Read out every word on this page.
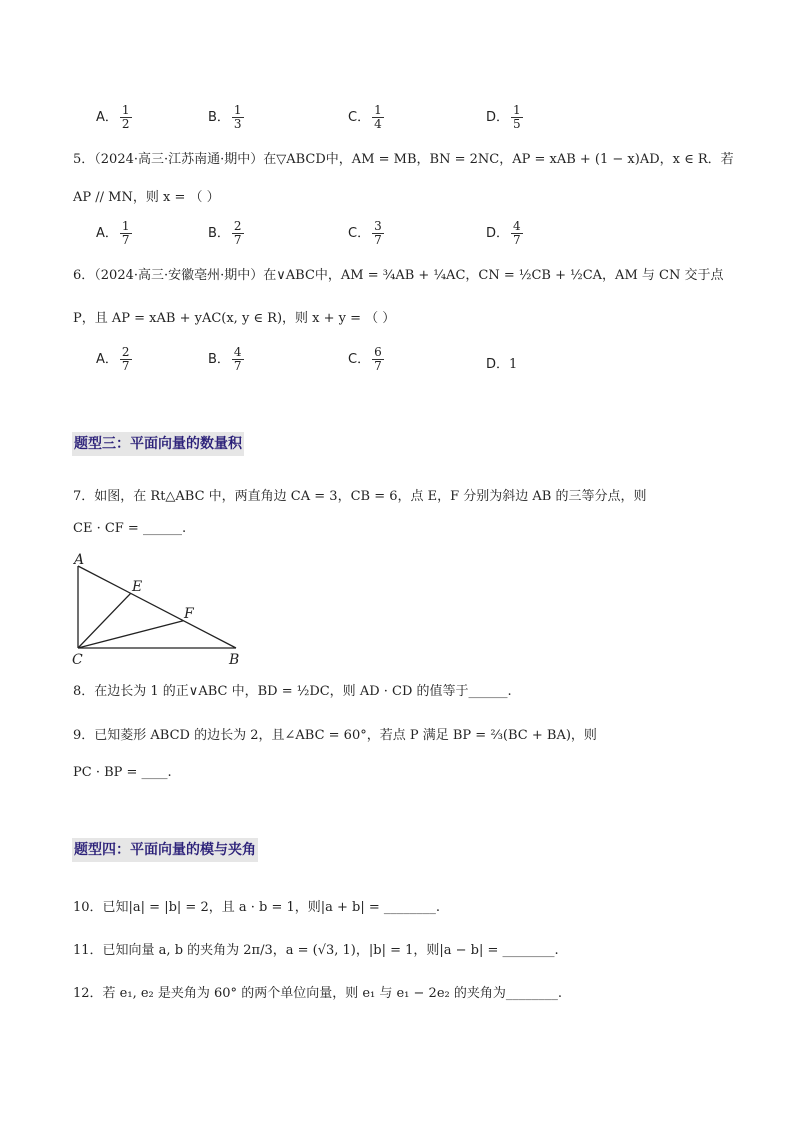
A． $\frac{1}{2}$	B． $\frac{1}{3}$	C． $\frac{1}{4}$	D． $\frac{1}{5}$
5．（2024·高三·江苏南通·期中）在▽ABCD中，AM = MB，BN = 2NC，AP = xAB + (1 − x)AD，x ∈ R．若
AP // MN，则 x = （ ）
A． $\frac{1}{7}$	B． $\frac{2}{7}$	C． $\frac{3}{7}$	D． $\frac{4}{7}$
6．（2024·高三·安徽亳州·期中）在∨ABC中，AM = ¾AB + ¼AC，CN = ½CB + ½CA，AM 与 CN 交于点
P，且 AP = xAB + yAC(x, y ∈ R)，则 x + y = （ ）
A． $\frac{2}{7}$	B． $\frac{4}{7}$	C． $\frac{6}{7}$	D．1
题型三：平面向量的数量积
7．如图，在 Rt△ABC 中，两直角边 CA = 3，CB = 6，点 E，F 分别为斜边 AB 的三等分点，则
CE · CF = ______.
A
E
F
C	B
8．在边长为 1 的正∨ABC 中，BD = ½DC，则 AD · CD 的值等于______.
9．已知菱形 ABCD 的边长为 2，且∠ABC = 60°，若点 P 满足 BP = ⅔(BC + BA)，则
PC · BP = ____.
题型四：平面向量的模与夹角
10．已知|a| = |b| = 2，且 a · b = 1，则|a + b| = ________.
11．已知向量 a, b 的夹角为 2π/3，a = (√3, 1)，|b| = 1，则|a − b| = ________.
12．若 e₁, e₂ 是夹角为 60° 的两个单位向量，则 e₁ 与 e₁ − 2e₂ 的夹角为________.
